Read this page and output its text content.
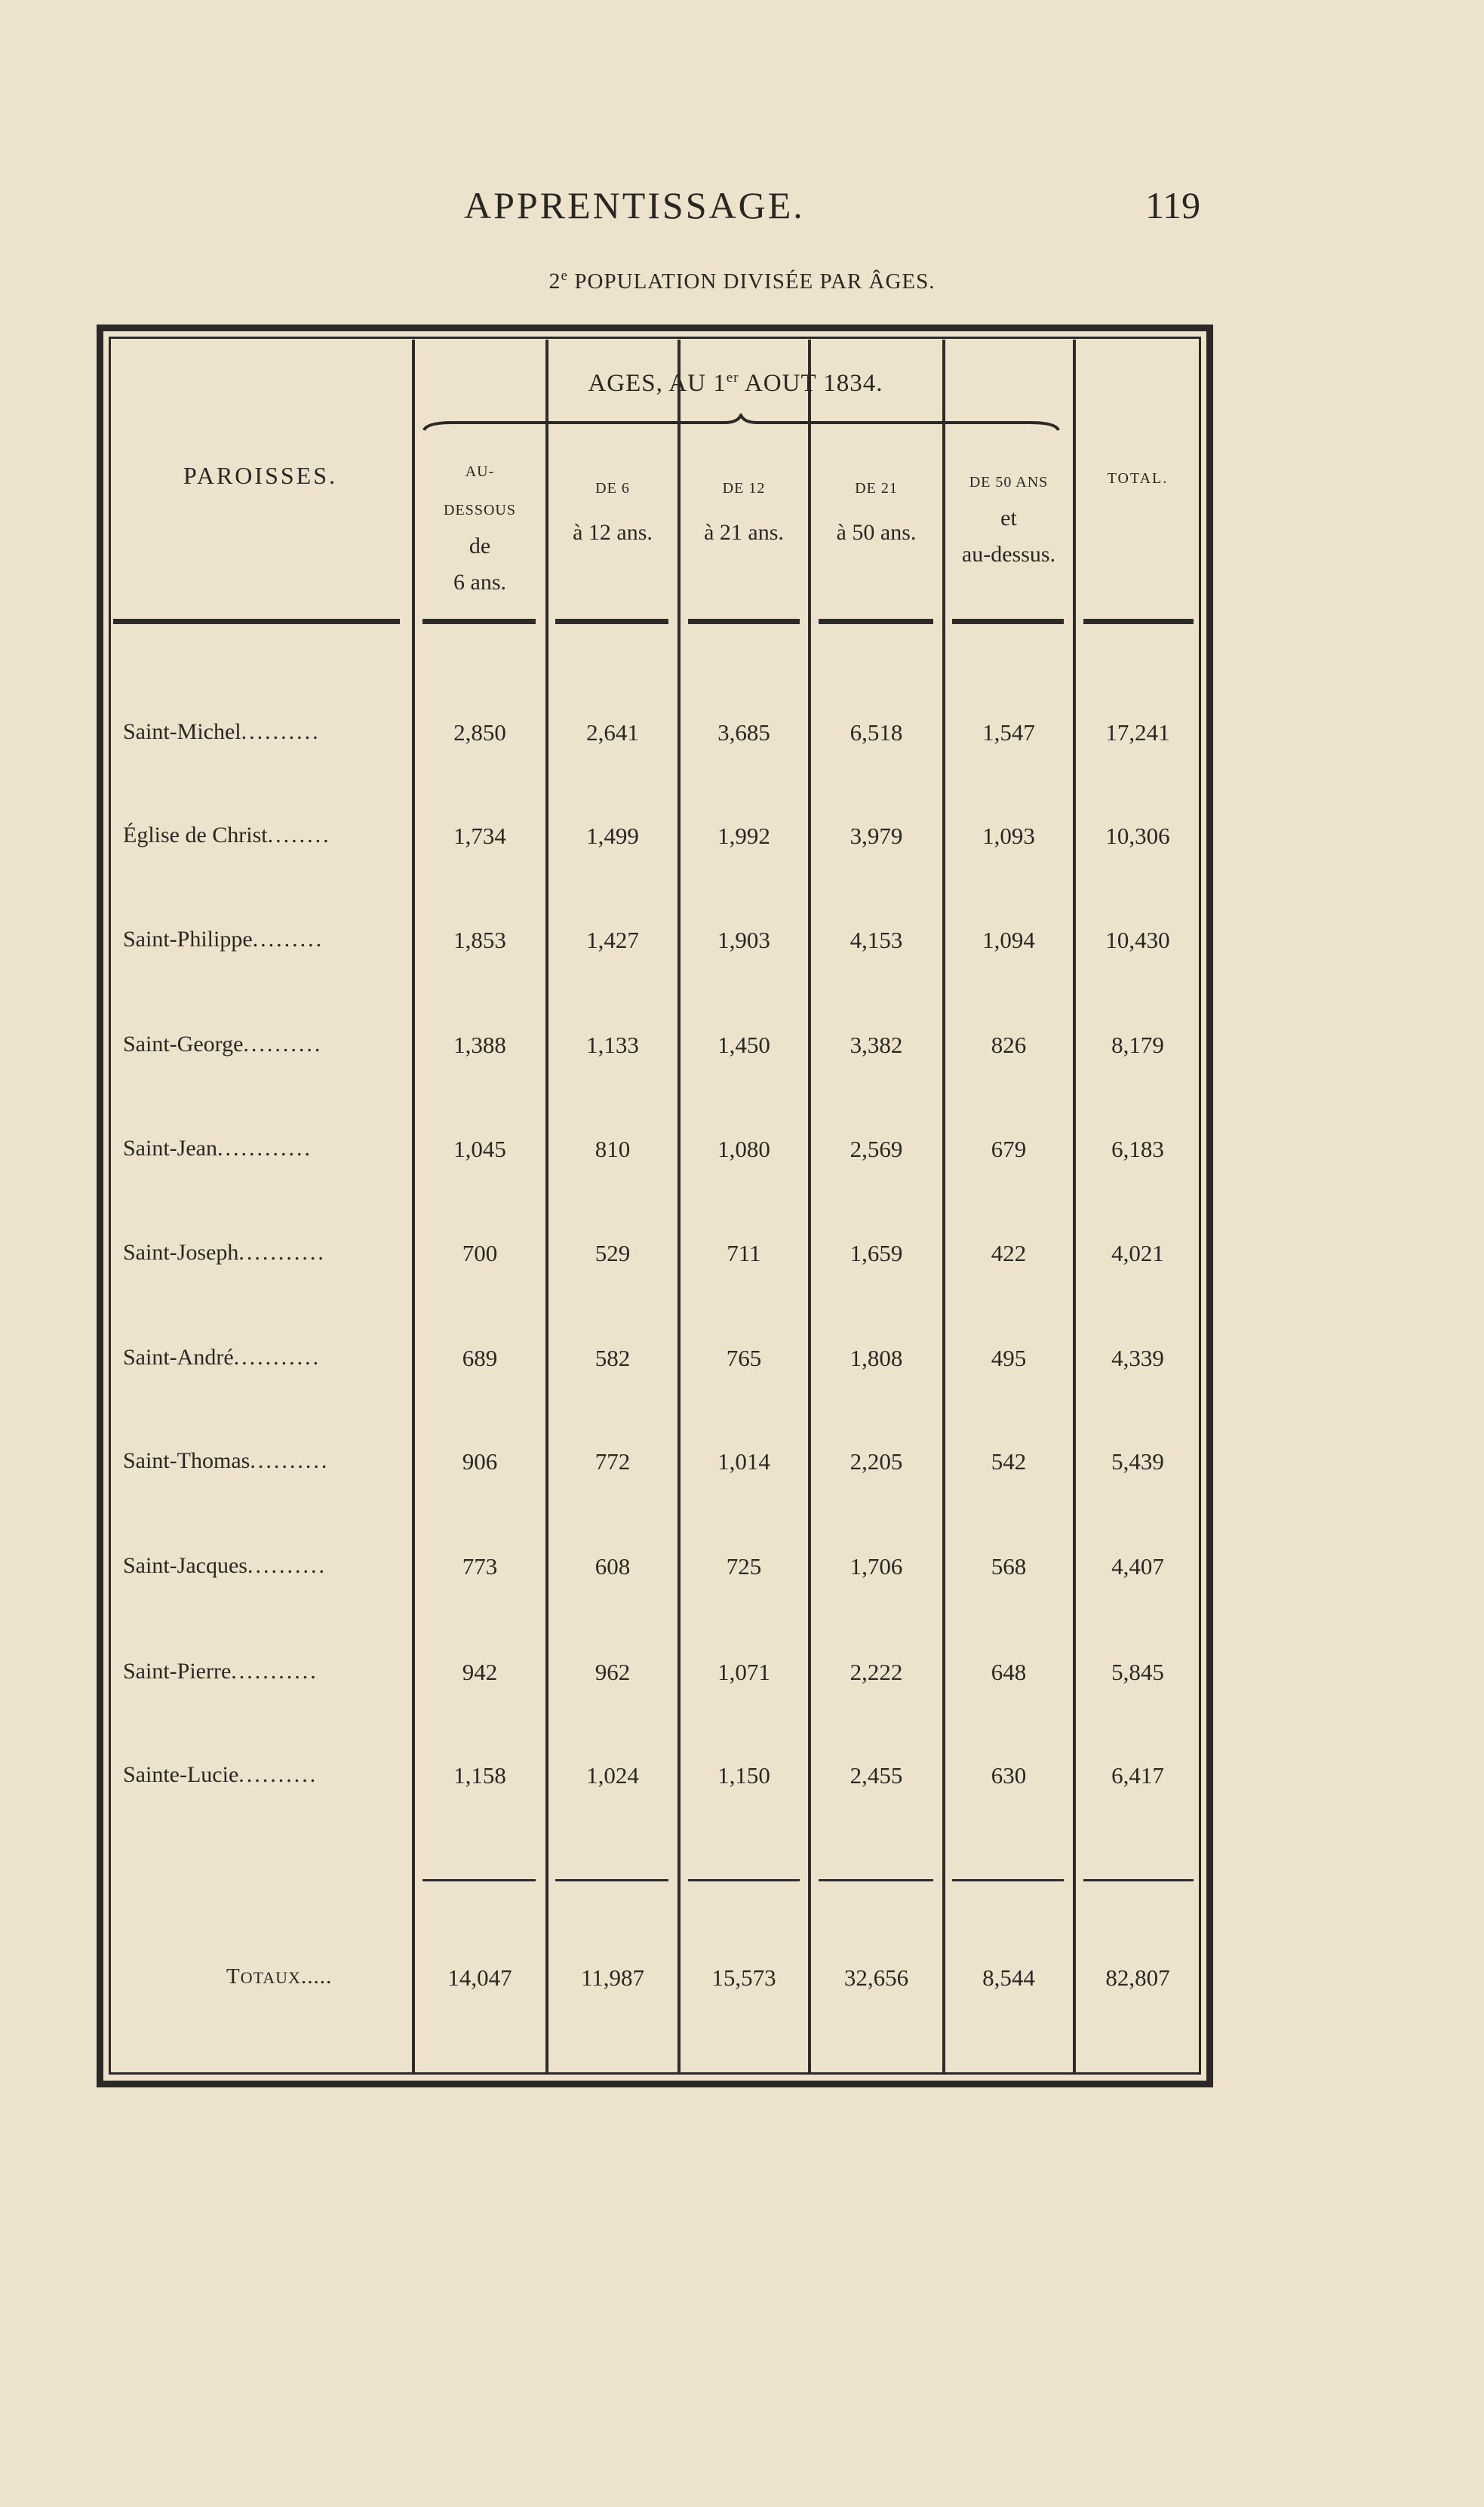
APPRENTISSAGE.	119
2e POPULATION DIVISÉE PAR ÂGES.
PAROISSES.
AGES, AU 1er AOUT 1834.
AU-
DESSOUS
de
6 ans.
DE 6
à 12 ans.
DE 12
à 21 ans.
DE 21
à 50 ans.
DE 50 ANS
et
au-dessus.
TOTAL.
Saint-Michel..........	2,850	2,641	3,685	6,518	1,547	17,241
Église de Christ........	1,734	1,499	1,992	3,979	1,093	10,306
Saint-Philippe.........	1,853	1,427	1,903	4,153	1,094	10,430
Saint-George..........	1,388	1,133	1,450	3,382	826	8,179
Saint-Jean............	1,045	810	1,080	2,569	679	6,183
Saint-Joseph...........	700	529	711	1,659	422	4,021
Saint-André...........	689	582	765	1,808	495	4,339
Saint-Thomas..........	906	772	1,014	2,205	542	5,439
Saint-Jacques..........	773	608	725	1,706	568	4,407
Saint-Pierre...........	942	962	1,071	2,222	648	5,845
Sainte-Lucie..........	1,158	1,024	1,150	2,455	630	6,417
TOTAUX.....	14,047	11,987	15,573	32,656	8,544	82,807
